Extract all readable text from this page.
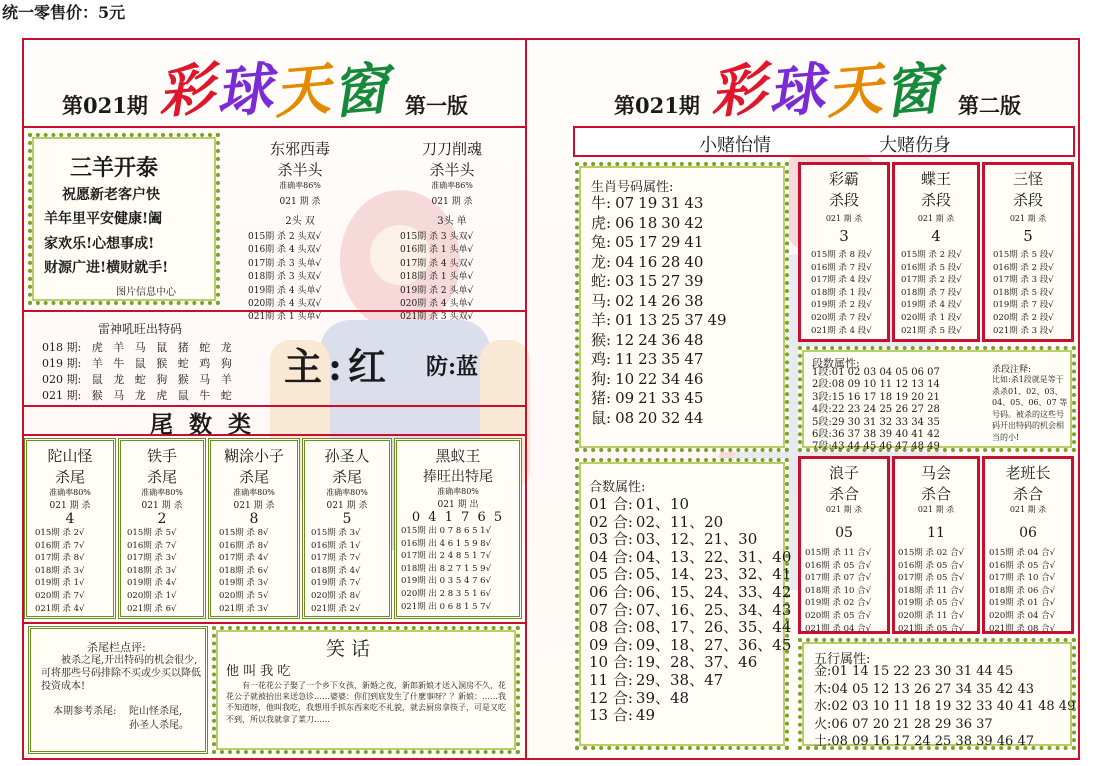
统一零售价：5元
第021期 彩球天窗 第一版
三羊开泰
祝愿新老客户快
羊年里平安健康!阖
家欢乐!心想事成!
财源广进!横财就手!
图片信息中心
东邪西毒
杀半头
准确率86%
021 期 杀
2头 双
015期 杀 2 头双√
016期 杀 4 头双√
017期 杀 3 头单√
018期 杀 3 头双√
019期 杀 4 头单√
020期 杀 4 头双√
021期 杀 1 头单√
刀刀削魂
杀半头
准确率86%
021 期 杀
3头 单
015期 杀 3 头双√
016期 杀 1 头单√
017期 杀 4 头双√
018期 杀 1 头单√
019期 杀 2 头单√
020期 杀 4 头单√
021期 杀 3 头双√
雷神吼旺出特码
018 期: 虎 羊 马 鼠 猪 蛇 龙
019 期: 羊 牛 鼠 猴 蛇 鸡 狗
020 期: 鼠 龙 蛇 狗 猴 马 羊
021 期: 猴 马 龙 虎 鼠 牛 蛇
主:红 防:蓝
尾 数 类
陀山怪
杀尾
准确率80%
021 期 杀
4
015期 杀 2√
016期 杀 7√
017期 杀 8√
018期 杀 3√
019期 杀 1√
020期 杀 7√
021期 杀 4√
铁手
杀尾
准确率80%
021 期 杀
2
015期 杀 5√
016期 杀 7√
017期 杀 3√
018期 杀 3√
019期 杀 4√
020期 杀 1√
021期 杀 6√
糊涂小子
杀尾
准确率80%
021 期 杀
8
015期 杀 8√
016期 杀 8√
017期 杀 4√
018期 杀 6√
019期 杀 3√
020期 杀 5√
021期 杀 3√
孙圣人
杀尾
准确率80%
021 期 杀
5
015期 杀 3√
016期 杀 1√
017期 杀 7√
018期 杀 4√
019期 杀 7√
020期 杀 8√
021期 杀 2√
黑蚁王
捧旺出特尾
准确率80%
021 期 出
0 4 1 7 6 5
015期 出 0 7 8 6 5 1√
016期 出 4 6 1 5 9 8√
017期 出 2 4 8 5 1 7√
018期 出 8 2 7 1 5 9√
019期 出 0 3 5 4 7 6√
020期 出 2 8 3 5 1 6√
021期 出 0 6 8 1 5 7√
杀尾栏点评:
被杀之尾,开出特码的机会很少,可将那些号码排除不买或少买以降低投资成本!
本期参考杀尾: 陀山怪杀尾,
孙圣人杀尾。
笑 话
他 叫 我 吃
有一花花公子娶了一个乡下女孩，新婚之夜，新郎新娘才送入洞房不久，花花公子就被抬出来送急诊……婆婆：你们到底发生了什麼事呀？？新娘：……我不知道呀，他叫我吃，我想用手抓东西来吃不礼貌，就去厨房拿筷子，可是又吃不到，所以我就拿了菜刀……
第021期 彩球天窗 第二版
小赌怡情	大赌伤身
生肖号码属性:
牛:	07	19	31	43	
虎:	06	18	30	42	
兔:	05	17	29	41	
龙:	04	16	28	40	
蛇:	03	15	27	39	
马:	02	14	26	38	
羊:	01	13	25	37	49
猴:	12	24	36	48	
鸡:	11	23	35	47	
狗:	10	22	34	46	
猪:	09	21	33	45	
鼠:	08	20	32	44	
彩霸
杀段
021 期 杀
3
015期 杀 8 段√
016期 杀 7 段√
017期 杀 4 段√
018期 杀 1 段√
019期 杀 2 段√
020期 杀 7 段√
021期 杀 4 段√
蝶王
杀段
021 期 杀
4
015期 杀 2 段√
016期 杀 5 段√
017期 杀 2 段√
018期 杀 7 段√
019期 杀 4 段√
020期 杀 1 段√
021期 杀 5 段√
三怪
杀段
021 期 杀
5
015期 杀 5 段√
016期 杀 2 段√
017期 杀 3 段√
018期 杀 5 段√
019期 杀 7 段√
020期 杀 2 段√
021期 杀 3 段√
段数属性:
1段:	01 02 03 04 05 06 07
2段:	08 09 10 11 12 13 14
3段:	15 16 17 18 19 20 21
4段:	22 23 24 25 26 27 28
5段:	29 30 31 32 33 34 35
6段:	36 37 38 39 40 41 42
7段:	43 44 45 46 47 48 49
杀段注释:
比如:杀1段就是等于杀杀01、02、03、04、05、06、07 等号码。被杀的这些号码开出特码的机会相当的小!
合数属性:
01 合:	01、10
02 合:	02、11、20
03 合:	03、12、21、30
04 合:	04、13、22、31、40
05 合:	05、14、23、32、41
06 合:	06、15、24、33、42
07 合:	07、16、25、34、43
08 合:	08、17、26、35、44
09 合:	09、18、27、36、45
10 合:	19、28、37、46
11 合:	29、38、47
12 合:	39、48
13 合:	49
浪子
杀合
021 期 杀
05
015期 杀 11 合√
016期 杀 05 合√
017期 杀 07 合√
018期 杀 10 合√
019期 杀 02 合√
020期 杀 05 合√
021期 杀 04 合√
马会
杀合
021 期 杀
11
015期 杀 02 合√
016期 杀 05 合√
017期 杀 05 合√
018期 杀 11 合√
019期 杀 05 合√
020期 杀 11 合√
021期 杀 05 合√
老班长
杀合
021 期 杀
06
015期 杀 04 合√
016期 杀 05 合√
017期 杀 10 合√
018期 杀 06 合√
019期 杀 01 合√
020期 杀 04 合√
021期 杀 08 合√
五行属性:
金:	01 14 15 22 23 30 31 44 45
木:	04 05 12 13 26 27 34 35 42 43
水:	02 03 10 11 18 19 32 33 40 41 48 49
火:	06 07 20 21 28 29 36 37
土:	08 09 16 17 24 25 38 39 46 47
